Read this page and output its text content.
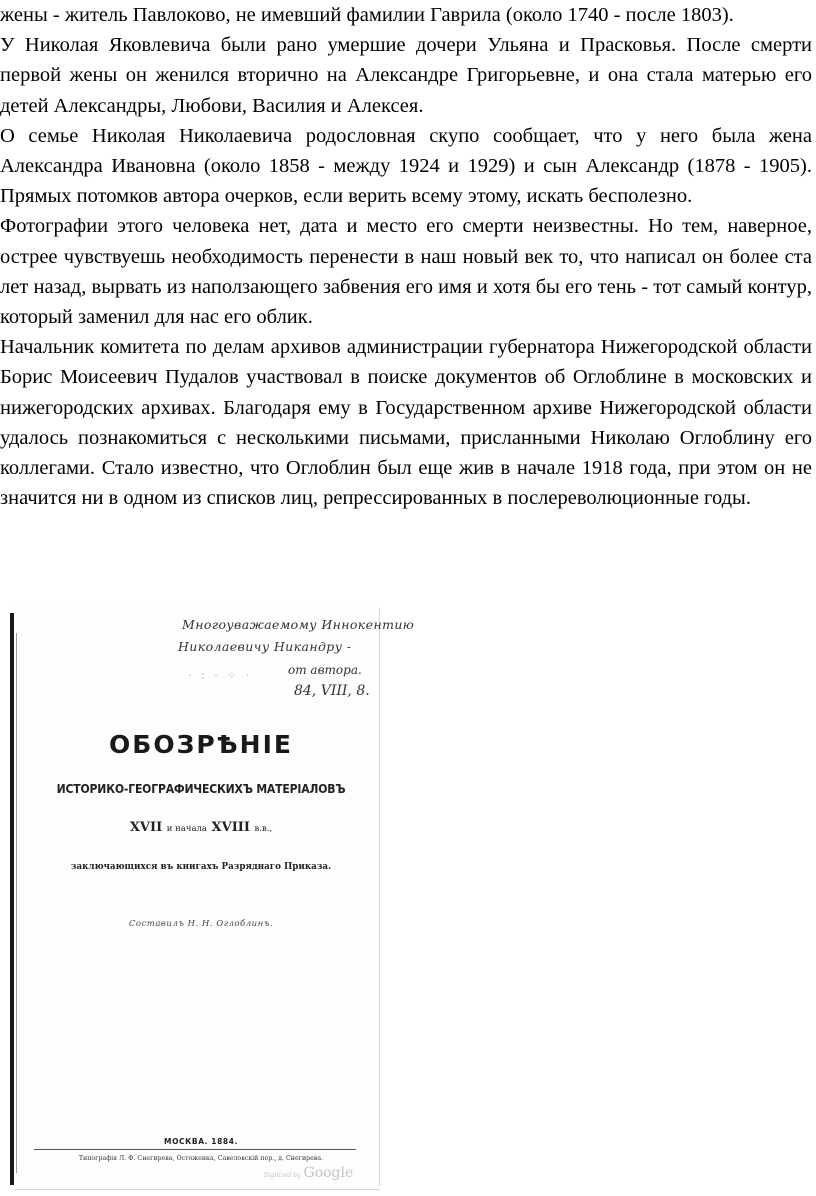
жены - житель Павлоково, не имевший фамилии Гаврила (около 1740 - после 1803).

У Николая Яковлевича были рано умершие дочери Ульяна и Прасковья. После смерти первой жены он женился вторично на Александре Григорьевне, и она стала матерью его детей Александры, Любови, Василия и Алексея.

О семье Николая Николаевича родословная скупо сообщает, что у него была жена Александра Ивановна (около 1858 - между 1924 и 1929) и сын Александр (1878 - 1905). Прямых потомков автора очерков, если верить всему этому, искать бесполезно.

Фотографии этого человека нет, дата и место его смерти неизвестны. Но тем, наверное, острее чувствуешь необходимость перенести в наш новый век то, что написал он более ста лет назад, вырвать из наползающего забвения его имя и хотя бы его тень - тот самый контур, который заменил для нас его облик.

Начальник комитета по делам архивов администрации губернатора Нижегородской области Борис Моисеевич Пудалов участвовал в поиске документов об Оглоблине в московских и нижегородских архивах. Благодаря ему в Государственном архиве Нижегородской области удалось познакомиться с несколькими письмами, присланными Николаю Оглоблину его коллегами. Стало известно, что Оглоблин был еще жив в начале 1918 года, при этом он не значится ни в одном из списков лиц, репрессированных в послереволюционные годы.

Многоуважаемому Иннокентию
Николаевичу Никандру -
от автора.
84, VIII, 8.
· : · ⁘ ·
ОБОЗРѢНІЕ
ИСТОРИКО-ГЕОГРАФИЧЕСКИХЪ МАТЕРІАЛОВЪ
XVII и начала XVIII в.в.,
заключающихся въ книгахъ Разряднаго Приказа.
Составилъ Н. Н. Оглоблинъ.
МОСКВА. 1884.
Типографія Л. Ф. Снегирева, Остоженка, Савеловскій пер., д. Снегирева.
Digitized by Google
